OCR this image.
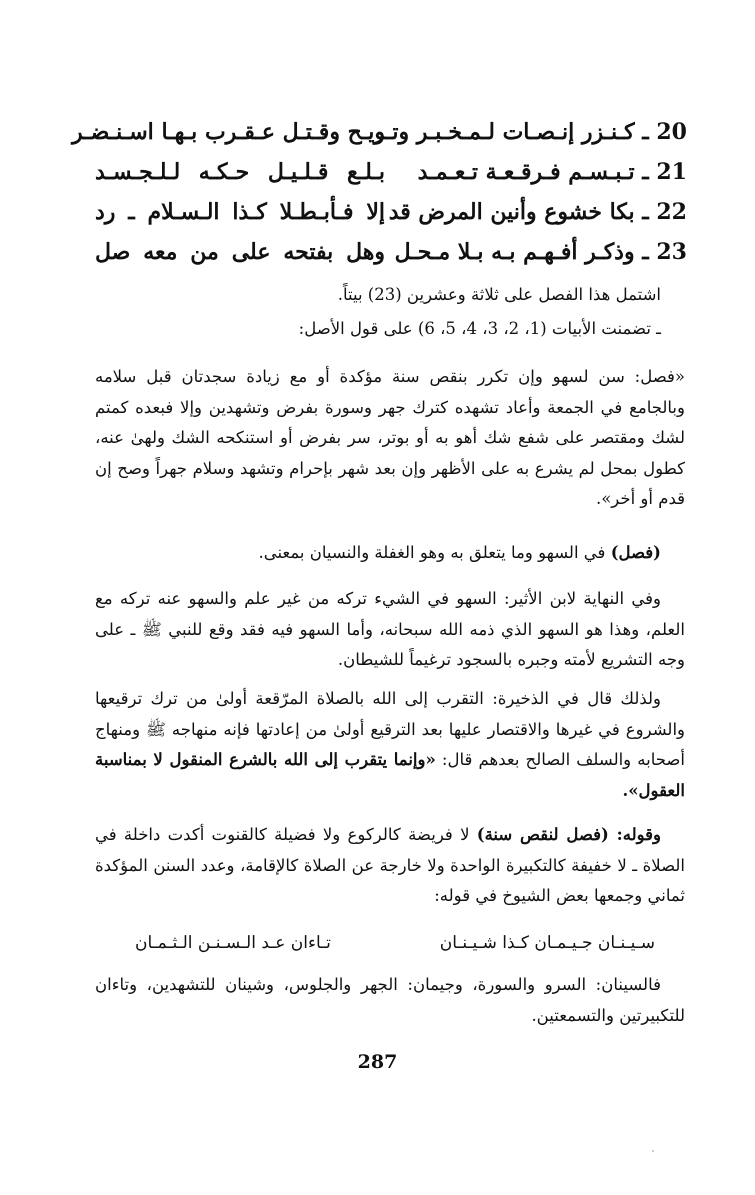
20 ـ كـنـزر إنـصـات لـمـخـبـر وتـر
ويـح وقـتـل عـقـرب بـهـا اسـنـضـر
21 ـ تـبـسـم فـرقـعـة تـعـمـد
بـلـع قـلـيـل حـكـه لـلـجـسـد
22 ـ بكا خشوع وأنين المرض قد
إلا فـأبـطـلا كـذا الـسـلام ـ رد
23 ـ وذكـر أفـهـم بـه بـلا مـحـل
وهل بفتحه على من معه صل

اشتمل هذا الفصل على ثلاثة وعشرين (23) بيتاً.

ـ تضمنت الأبيات (1، 2، 3، 4، 5، 6) على قول الأصل:

«فصل: سن لسهو وإن تكرر بنقص سنة مؤكدة أو مع زيادة سجدتان قبل سلامه وبالجامع في الجمعة وأعاد تشهده كترك جهر وسورة بفرض وتشهدين وإلا فبعده كمتم لشك ومقتصر على شفع شك أهو به أو بوتر، سر بفرض أو استنكحه الشك ولهىٰ عنه، كطول بمحل لم يشرع به على الأظهر وإن بعد شهر بإحرام وتشهد وسلام جهراً وصح إن قدم أو أخر».

(فصل) في السهو وما يتعلق به وهو الغفلة والنسيان بمعنى.

وفي النهاية لابن الأثير: السهو في الشيء تركه من غير علم والسهو عنه تركه مع العلم، وهذا هو السهو الذي ذمه الله سبحانه، وأما السهو فيه فقد وقع للنبي ﷺ ـ على وجه التشريع لأمته وجبره بالسجود ترغيماً للشيطان.

ولذلك قال في الذخيرة: التقرب إلى الله بالصلاة المرّقعة أولىٰ من ترك ترقيعها والشروع في غيرها والاقتصار عليها بعد الترقيع أولىٰ من إعادتها فإنه منهاجه ﷺ ومنهاج أصحابه والسلف الصالح بعدهم قال: «وإنما يتقرب إلى الله بالشرع المنقول لا بمناسبة العقول».

وقوله: (فصل لنقص سنة) لا فريضة كالركوع ولا فضيلة كالقنوت أكدت داخلة في الصلاة ـ لا خفيفة كالتكبيرة الواحدة ولا خارجة عن الصلاة كالإقامة، وعدد السنن المؤكدة ثماني وجمعها بعض الشيوخ في قوله:

سـيـنـان جـيـمـان كـذا شـيـنـان
تـاءان عـد الـسـنـن الـثـمـان

فالسينان: السرو والسورة، وجيمان: الجهر والجلوس، وشينان للتشهدين، وتاءان للتكبيرتين والتسمعتين.

287
